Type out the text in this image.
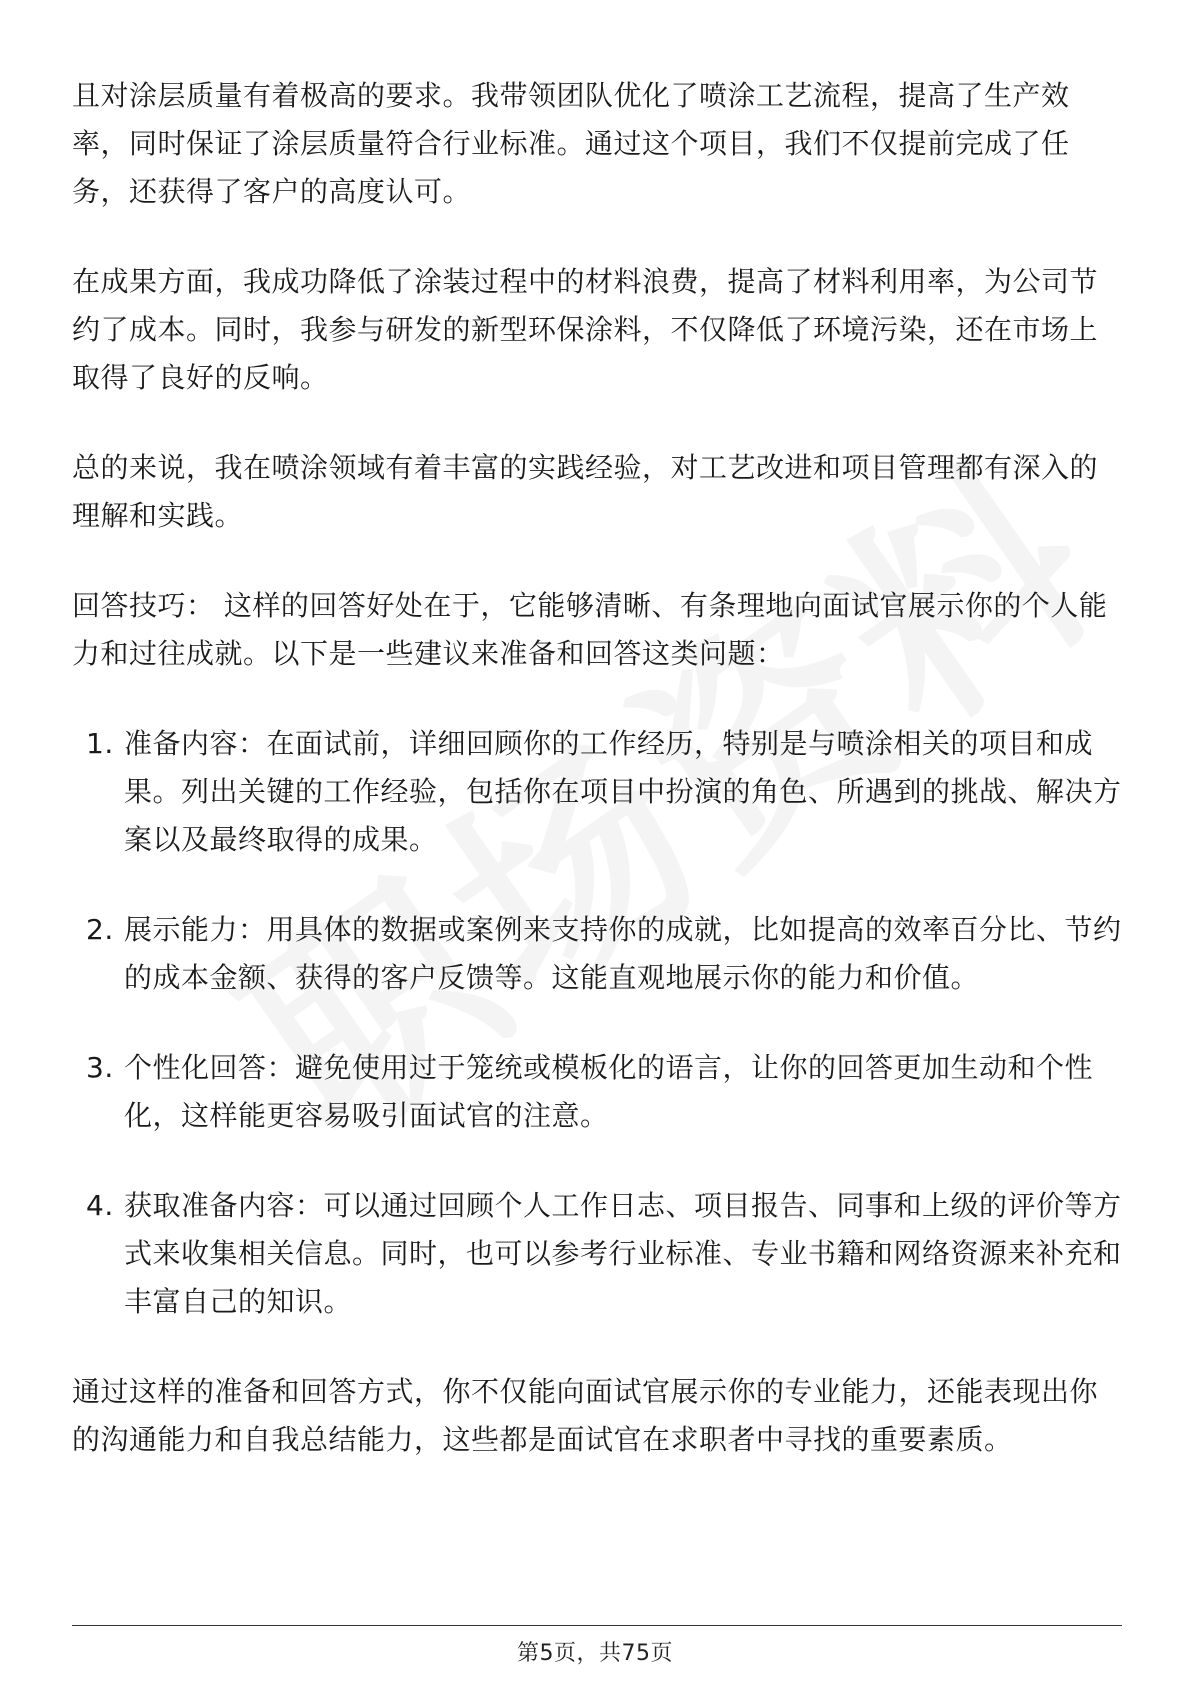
且对涂层质量有着极高的要求。我带领团队优化了喷涂工艺流程，提高了生产效率，同时保证了涂层质量符合行业标准。通过这个项目，我们不仅提前完成了任务，还获得了客户的高度认可。

在成果方面，我成功降低了涂装过程中的材料浪费，提高了材料利用率，为公司节约了成本。同时，我参与研发的新型环保涂料，不仅降低了环境污染，还在市场上取得了良好的反响。

总的来说，我在喷涂领域有着丰富的实践经验，对工艺改进和项目管理都有深入的理解和实践。

回答技巧： 这样的回答好处在于，它能够清晰、有条理地向面试官展示你的个人能力和过往成就。以下是一些建议来准备和回答这类问题：

1. 准备内容：在面试前，详细回顾你的工作经历，特别是与喷涂相关的项目和成果。列出关键的工作经验，包括你在项目中扮演的角色、所遇到的挑战、解决方案以及最终取得的成果。
2. 展示能力：用具体的数据或案例来支持你的成就，比如提高的效率百分比、节约的成本金额、获得的客户反馈等。这能直观地展示你的能力和价值。
3. 个性化回答：避免使用过于笼统或模板化的语言，让你的回答更加生动和个性化，这样能更容易吸引面试官的注意。
4. 获取准备内容：可以通过回顾个人工作日志、项目报告、同事和上级的评价等方式来收集相关信息。同时，也可以参考行业标准、专业书籍和网络资源来补充和丰富自己的知识。

通过这样的准备和回答方式，你不仅能向面试官展示你的专业能力，还能表现出你的沟通能力和自我总结能力，这些都是面试官在求职者中寻找的重要素质。

第5页，共75页
